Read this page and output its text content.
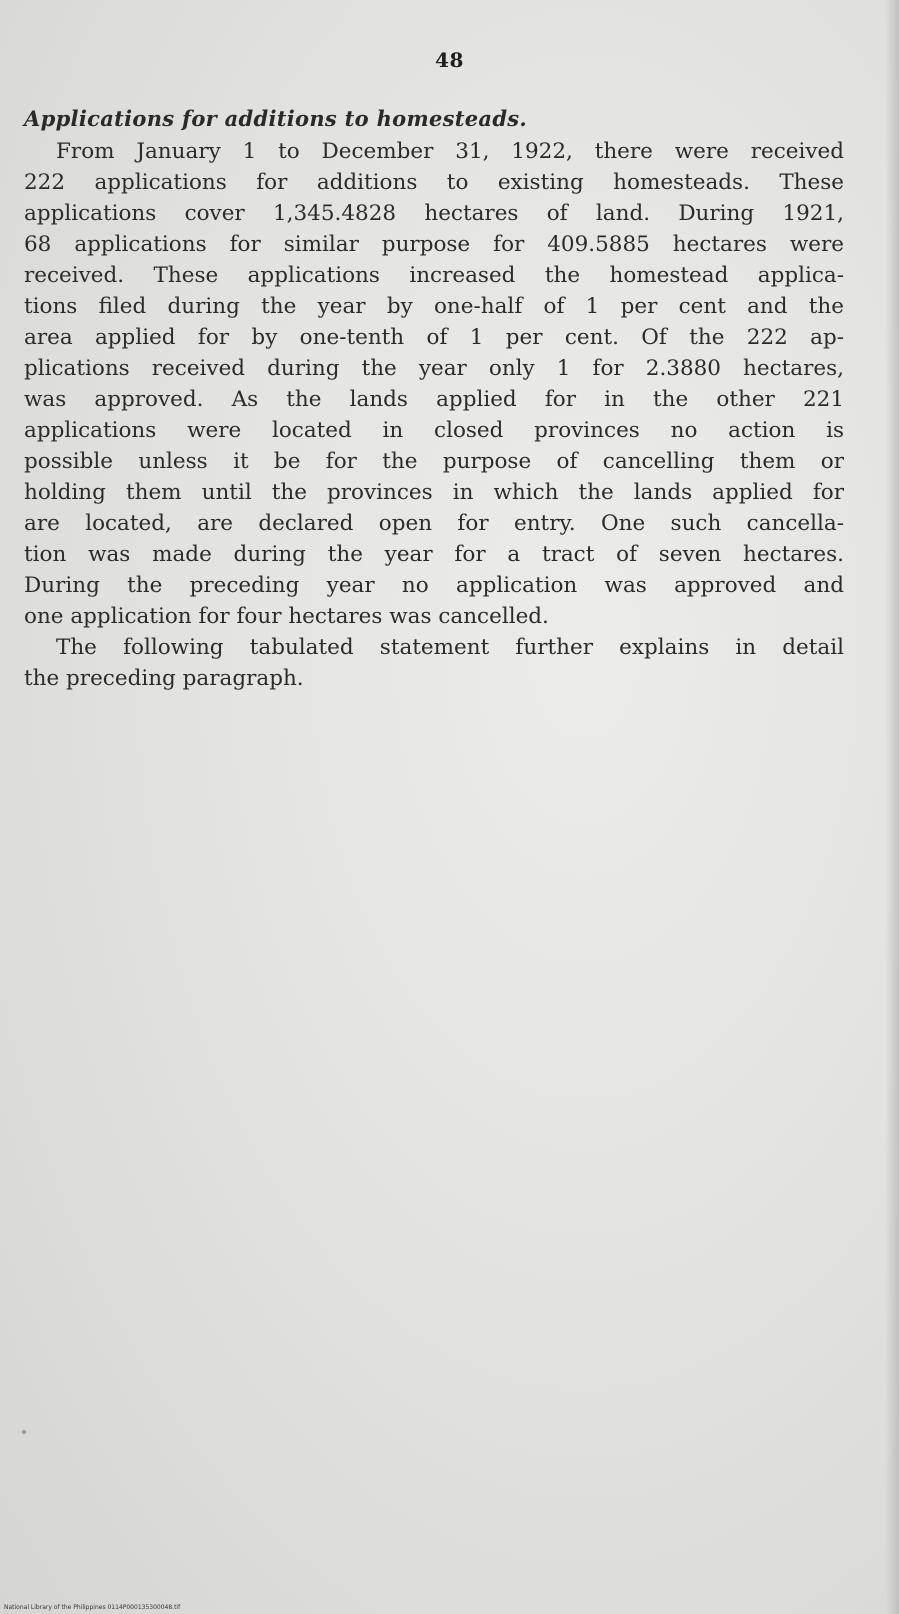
48
Applications for additions to homesteads.
From January 1 to December 31, 1922, there were received
222 applications for additions to existing homesteads. These
applications cover 1,345.4828 hectares of land. During 1921,
68 applications for similar purpose for 409.5885 hectares were
received. These applications increased the homestead applica-
tions filed during the year by one-half of 1 per cent and the
area applied for by one-tenth of 1 per cent. Of the 222 ap-
plications received during the year only 1 for 2.3880 hectares,
was approved. As the lands applied for in the other 221
applications were located in closed provinces no action is
possible unless it be for the purpose of cancelling them or
holding them until the provinces in which the lands applied for
are located, are declared open for entry. One such cancella-
tion was made during the year for a tract of seven hectares.
During the preceding year no application was approved and
one application for four hectares was cancelled.
The following tabulated statement further explains in detail
the preceding paragraph.
National Library of the Philippines 0114P000135300048.tif
